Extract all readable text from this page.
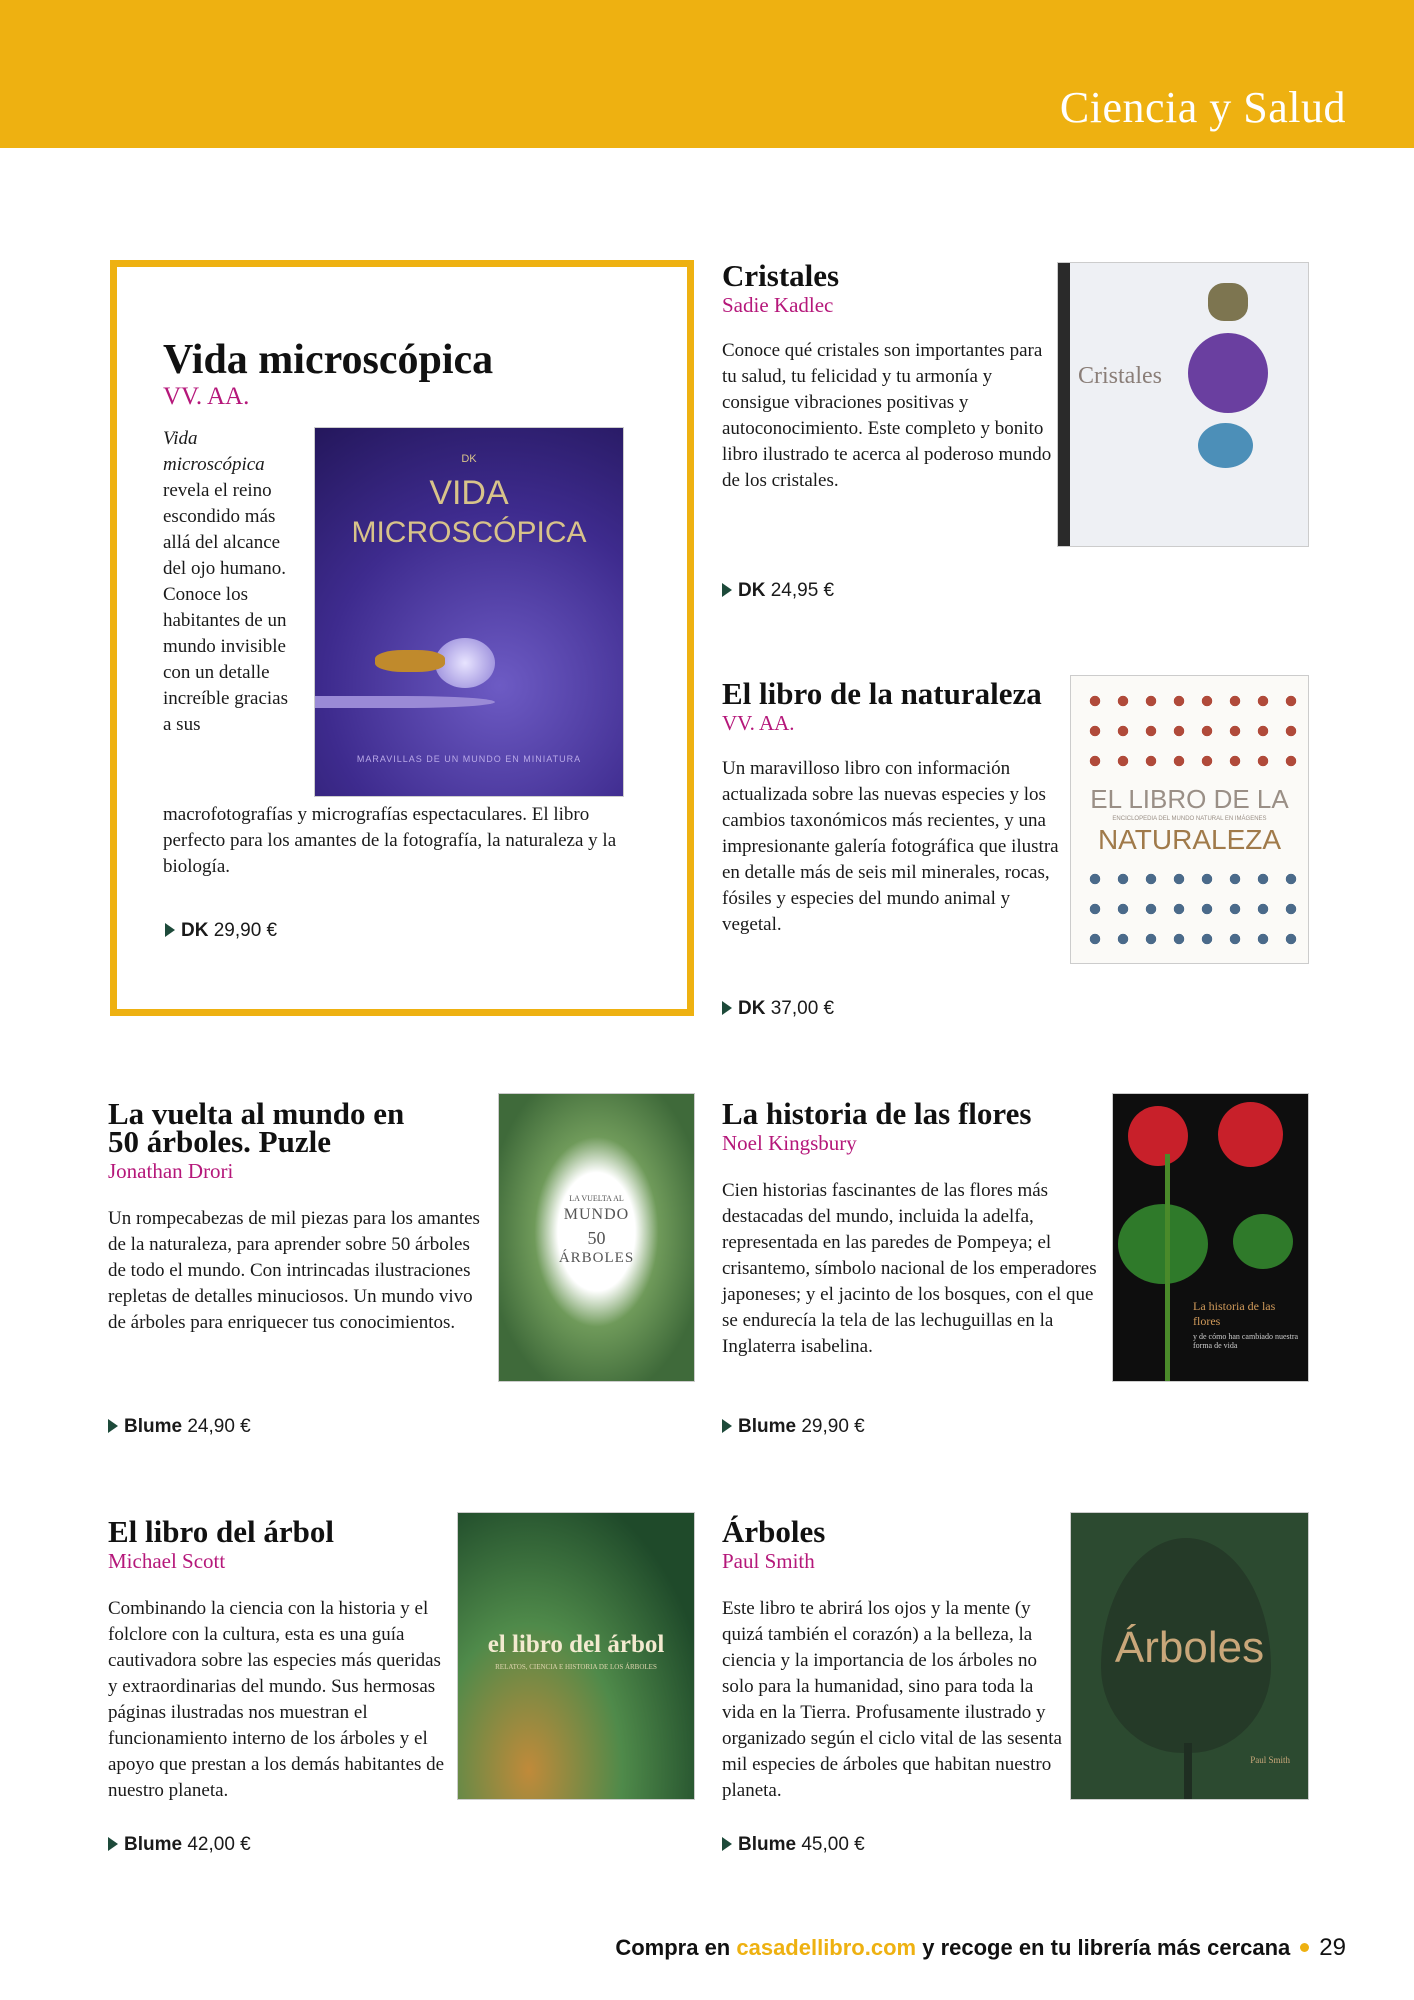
Ciencia y Salud
Vida microscópica
VV. AA.
DK
VIDA
MICROSCÓPICA
MARAVILLAS DE UN MUNDO EN MINIATURA
Vida microscópica revela el reino escondido más allá del alcance del ojo humano. Conoce los habitantes de un mundo invisible con un detalle increíble gracias a sus macrofotografías y micrografías espectaculares. El libro perfecto para los amantes de la fotografía, la naturaleza y la biología.
DK 29,90 €
Cristales
Sadie Kadlec
Conoce qué cristales son importantes para tu salud, tu felicidad y tu armonía y consigue vibraciones positivas y autoconocimiento. Este completo y bonito libro ilustrado te acerca al poderoso mundo de los cristales.
Cristales
DK 24,95 €
El libro de la naturaleza
VV. AA.
Un maravilloso libro con información actualizada sobre las nuevas especies y los cambios taxonómicos más recientes, y una impresionante galería fotográfica que ilustra en detalle más de seis mil minerales, rocas, fósiles y especies del mundo animal y vegetal.
EL LIBRO DE LA
ENCICLOPEDIA DEL MUNDO NATURAL EN IMÁGENES
NATURALEZA
DK 37,00 €
La vuelta al mundo en 50 árboles. Puzle
Jonathan Drori
Un rompecabezas de mil piezas para los amantes de la naturaleza, para aprender sobre 50 árboles de todo el mundo. Con intrincadas ilustraciones repletas de detalles minuciosos. Un mundo vivo de árboles para enriquecer tus conocimientos.
LA VUELTA AL
MUNDO
50
ÁRBOLES
Blume 24,90 €
La historia de las flores
Noel Kingsbury
Cien historias fascinantes de las flores más destacadas del mundo, incluida la adelfa, representada en las paredes de Pompeya; el crisantemo, símbolo nacional de los emperadores japoneses; y el jacinto de los bosques, con el que se endurecía la tela de las lechuguillas en la Inglaterra isabelina.
La historia de las flores
y de cómo han cambiado nuestra forma de vida
Blume 29,90 €
El libro del árbol
Michael Scott
Combinando la ciencia con la historia y el folclore con la cultura, esta es una guía cautivadora sobre las especies más queridas y extraordinarias del mundo. Sus hermosas páginas ilustradas nos muestran el funcionamiento interno de los árboles y el apoyo que prestan a los demás habitantes de nuestro planeta.
el libro del árbol
RELATOS, CIENCIA E HISTORIA DE LOS ÁRBOLES
Blume 42,00 €
Árboles
Paul Smith
Este libro te abrirá los ojos y la mente (y quizá también el corazón) a la belleza, la ciencia y la importancia de los árboles no solo para la humanidad, sino para toda la vida en la Tierra. Profusamente ilustrado y organizado según el ciclo vital de las sesenta mil especies de árboles que habitan nuestro planeta.
Árboles
Paul Smith
Blume 45,00 €
Compra en casadellibro.com y recoge en tu librería más cercana 29
